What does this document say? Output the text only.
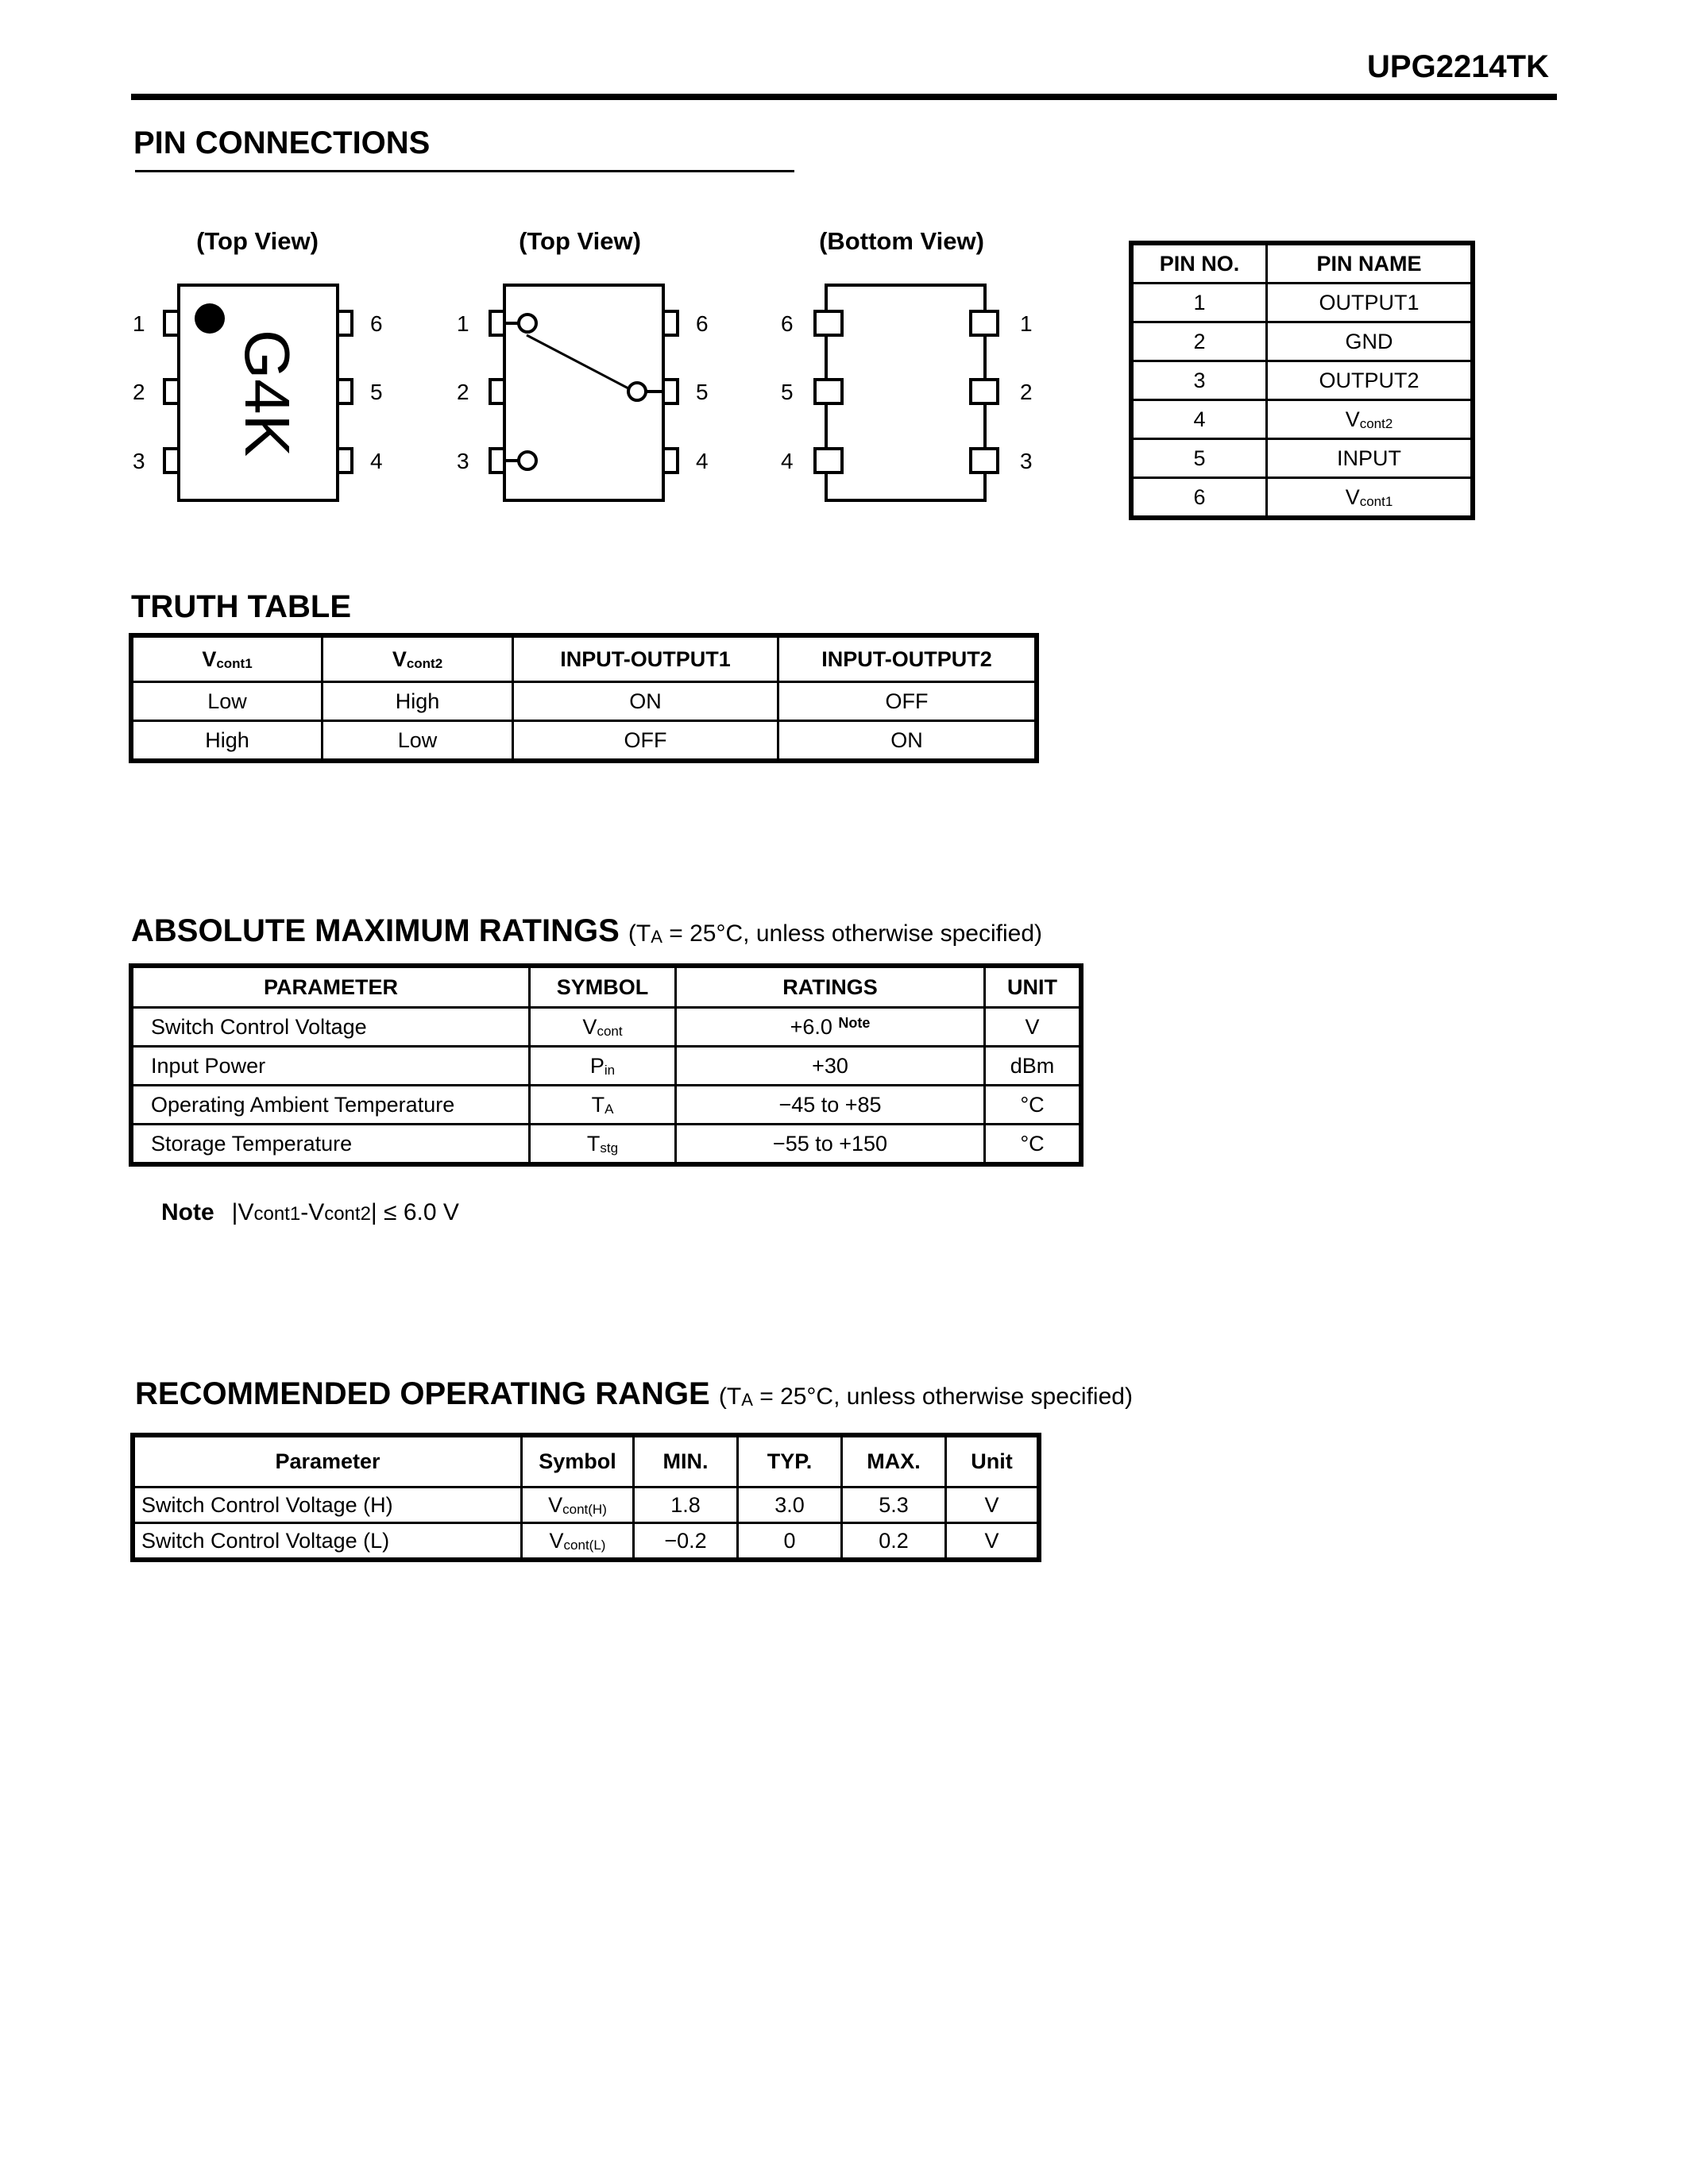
UPG2214TK
PIN CONNECTIONS
(Top View)	(Top View)	(Bottom View)
G4K
1
2
3
6
5
4
1
2
3
6
5
4
6
5
4
1
2
3
PIN NO.	PIN NAME
1	OUTPUT1
2	GND
3	OUTPUT2
4	Vcont2
5	INPUT
6	Vcont1
TRUTH TABLE
Vcont1	Vcont2	INPUT-OUTPUT1	INPUT-OUTPUT2
Low	High	ON	OFF
High	Low	OFF	ON
ABSOLUTE MAXIMUM RATINGS (TA = 25°C, unless otherwise specified)
PARAMETER	SYMBOL	RATINGS	UNIT
Switch Control Voltage	Vcont	+6.0 $^{Note}$	V
Input Power	Pin	+30	dBm
Operating Ambient Temperature	TA	−45 to +85	°C
Storage Temperature	Tstg	−55 to +150	°C
Note |Vcont1-Vcont2| ≤ 6.0 V
RECOMMENDED OPERATING RANGE (TA = 25°C, unless otherwise specified)
Parameter	Symbol	MIN.	TYP.	MAX.	Unit
Switch Control Voltage (H)	Vcont(H)	1.8	3.0	5.3	V
Switch Control Voltage (L)	Vcont(L)	−0.2	0	0.2	V
